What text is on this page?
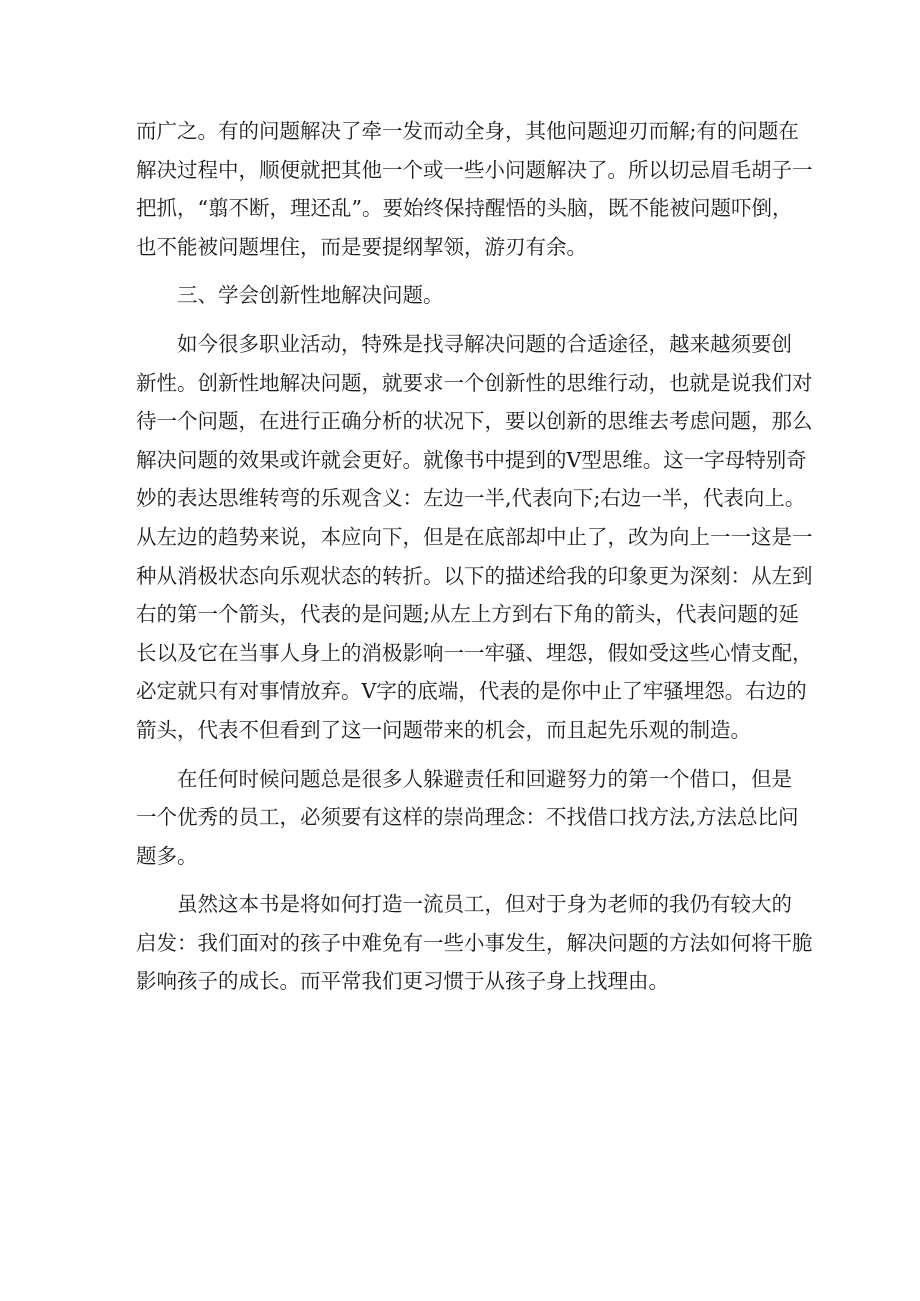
而广之。有的问题解决了牵一发而动全身，其他问题迎刃而解;有的问题在
解决过程中，顺便就把其他一个或一些小问题解决了。所以切忌眉毛胡子一
把抓，“翦不断，理还乱”。要始终保持醒悟的头脑，既不能被问题吓倒，
也不能被问题埋住，而是要提纲挈领，游刃有余。
三、学会创新性地解决问题。
如今很多职业活动，特殊是找寻解决问题的合适途径，越来越须要创
新性。创新性地解决问题，就要求一个创新性的思维行动，也就是说我们对
待一个问题，在进行正确分析的状况下，要以创新的思维去考虑问题，那么
解决问题的效果或许就会更好。就像书中提到的V型思维。这一字母特别奇
妙的表达思维转弯的乐观含义：左边一半,代表向下;右边一半，代表向上。
从左边的趋势来说，本应向下，但是在底部却中止了，改为向上一一这是一
种从消极状态向乐观状态的转折。以下的描述给我的印象更为深刻：从左到
右的第一个箭头，代表的是问题;从左上方到右下角的箭头，代表问题的延
长以及它在当事人身上的消极影响一一牢骚、埋怨，假如受这些心情支配，
必定就只有对事情放弃。V字的底端，代表的是你中止了牢骚埋怨。右边的
箭头，代表不但看到了这一问题带来的机会，而且起先乐观的制造。
在任何时候问题总是很多人躲避责任和回避努力的第一个借口，但是
一个优秀的员工，必须要有这样的崇尚理念：不找借口找方法,方法总比问
题多。
虽然这本书是将如何打造一流员工，但对于身为老师的我仍有较大的
启发：我们面对的孩子中难免有一些小事发生，解决问题的方法如何将干脆
影响孩子的成长。而平常我们更习惯于从孩子身上找理由。
